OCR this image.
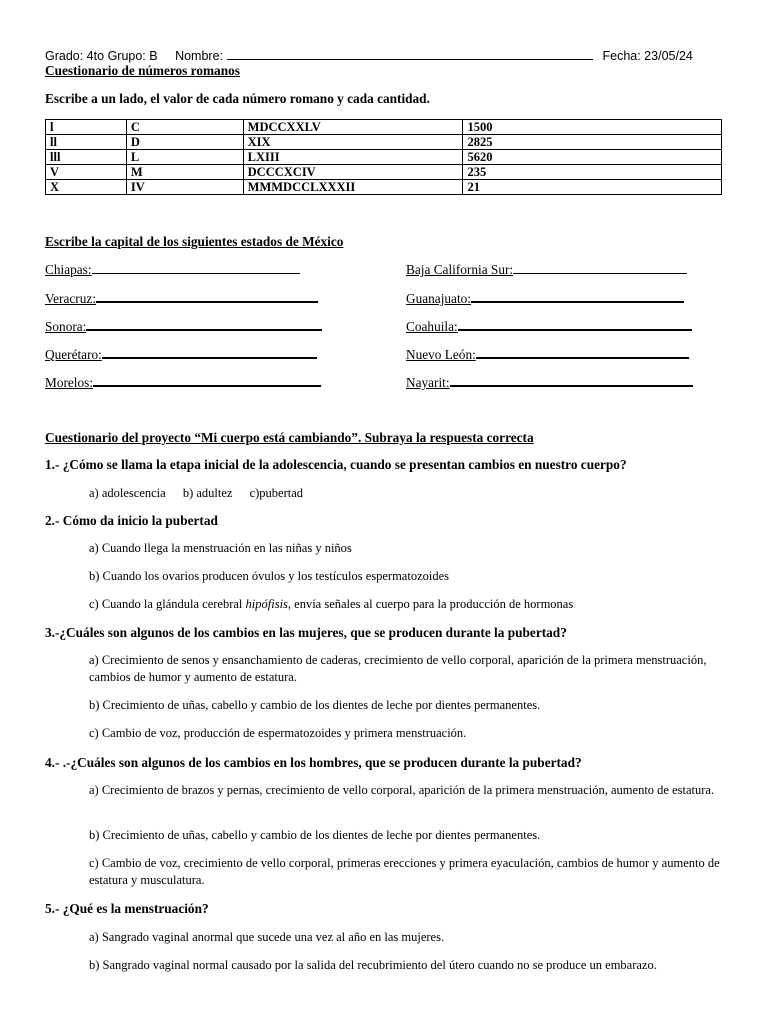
Grado: 4to Grupo: B Nombre:	Fecha: 23/05/24
Cuestionario de números romanos
Escribe a un lado, el valor de cada número romano y cada cantidad.
l	C	MDCCXXLV	1500
ll	D	XIX	2825
lll	L	LXIII	5620
V	M	DCCCXCIV	235
X	IV	MMMDCCLXXXII	21
Escribe la capital de los siguientes estados de México
Chiapas:
Veracruz:
Sonora:
Querétaro:
Morelos:
Baja California Sur:
Guanajuato:
Coahuila:
Nuevo León:
Nayarit:
Cuestionario del proyecto “Mi cuerpo está cambiando”. Subraya la respuesta correcta
1.- ¿Cómo se llama la etapa inicial de la adolescencia, cuando se presentan cambios en nuestro cuerpo?
a) adolescencia b) adultez c)pubertad
2.- Cómo da inicio la pubertad
a) Cuando llega la menstruación en las niñas y niños
b) Cuando los ovarios producen óvulos y los testículos espermatozoides
c) Cuando la glándula cerebral hipófisis, envía señales al cuerpo para la producción de hormonas
3.-¿Cuáles son algunos de los cambios en las mujeres, que se producen durante la pubertad?
a) Crecimiento de senos y ensanchamiento de caderas, crecimiento de vello corporal, aparición de la primera menstruación, cambios de humor y aumento de estatura.
b) Crecimiento de uñas, cabello y cambio de los dientes de leche por dientes permanentes.
c) Cambio de voz, producción de espermatozoides y primera menstruación.
4.- .-¿Cuáles son algunos de los cambios en los hombres, que se producen durante la pubertad?
a) Crecimiento de brazos y pernas, crecimiento de vello corporal, aparición de la primera menstruación, aumento de estatura.
b) Crecimiento de uñas, cabello y cambio de los dientes de leche por dientes permanentes.
c) Cambio de voz, crecimiento de vello corporal, primeras erecciones y primera eyaculación, cambios de humor y aumento de estatura y musculatura.
5.- ¿Qué es la menstruación?
a) Sangrado vaginal anormal que sucede una vez al año en las mujeres.
b) Sangrado vaginal normal causado por la salida del recubrimiento del útero cuando no se produce un embarazo.
